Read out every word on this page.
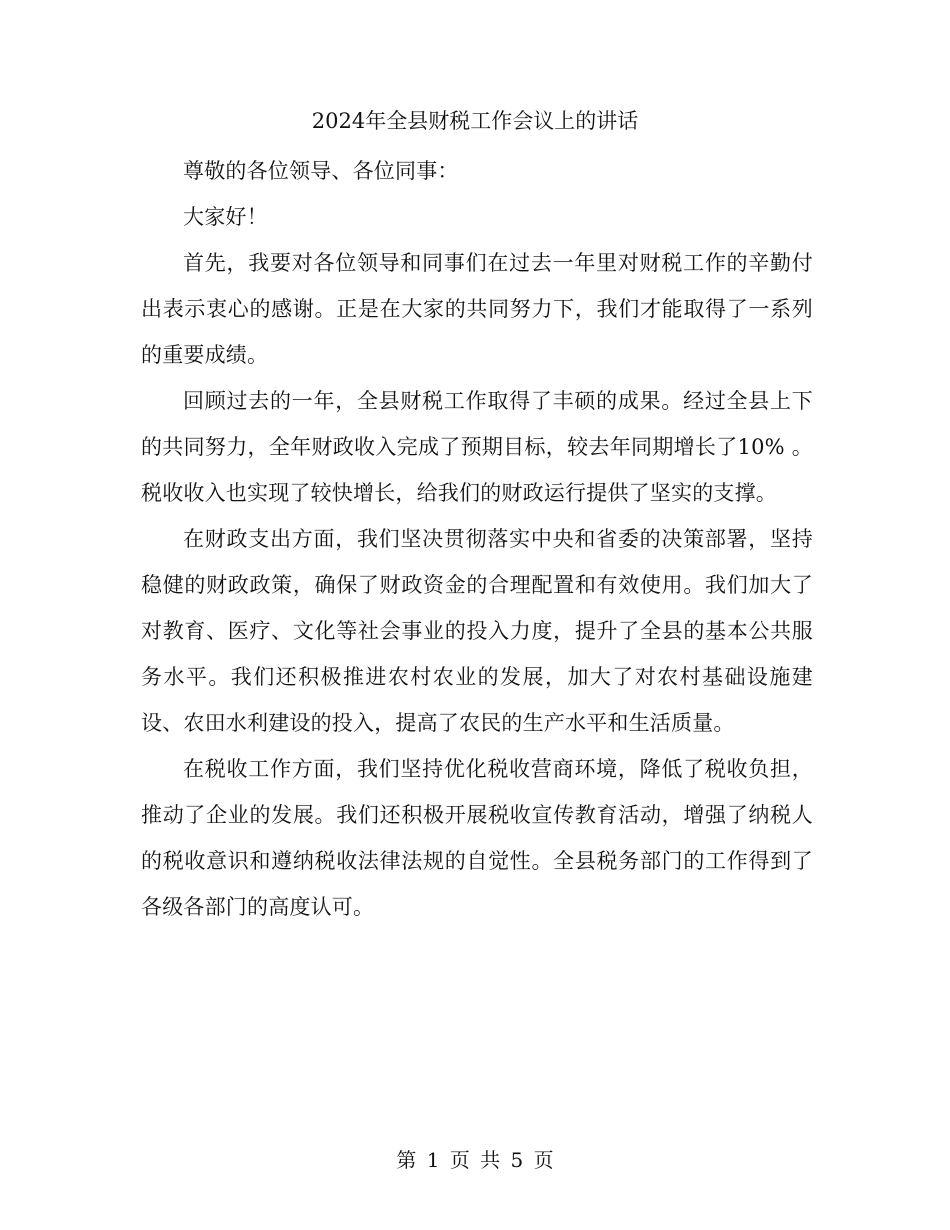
2024年全县财税工作会议上的讲话

尊敬的各位领导、各位同事：

大家好！

首先，我要对各位领导和同事们在过去一年里对财税工作的辛勤付出表示衷心的感谢。正是在大家的共同努力下，我们才能取得了一系列的重要成绩。

回顾过去的一年，全县财税工作取得了丰硕的成果。经过全县上下的共同努力，全年财政收入完成了预期目标，较去年同期增长了10% 。税收收入也实现了较快增长，给我们的财政运行提供了坚实的支撑。

在财政支出方面，我们坚决贯彻落实中央和省委的决策部署，坚持稳健的财政政策，确保了财政资金的合理配置和有效使用。我们加大了对教育、医疗、文化等社会事业的投入力度，提升了全县的基本公共服务水平。我们还积极推进农村农业的发展，加大了对农村基础设施建设、农田水利建设的投入，提高了农民的生产水平和生活质量。

在税收工作方面，我们坚持优化税收营商环境，降低了税收负担，推动了企业的发展。我们还积极开展税收宣传教育活动，增强了纳税人的税收意识和遵纳税收法律法规的自觉性。全县税务部门的工作得到了各级各部门的高度认可。

第 1 页 共 5 页
